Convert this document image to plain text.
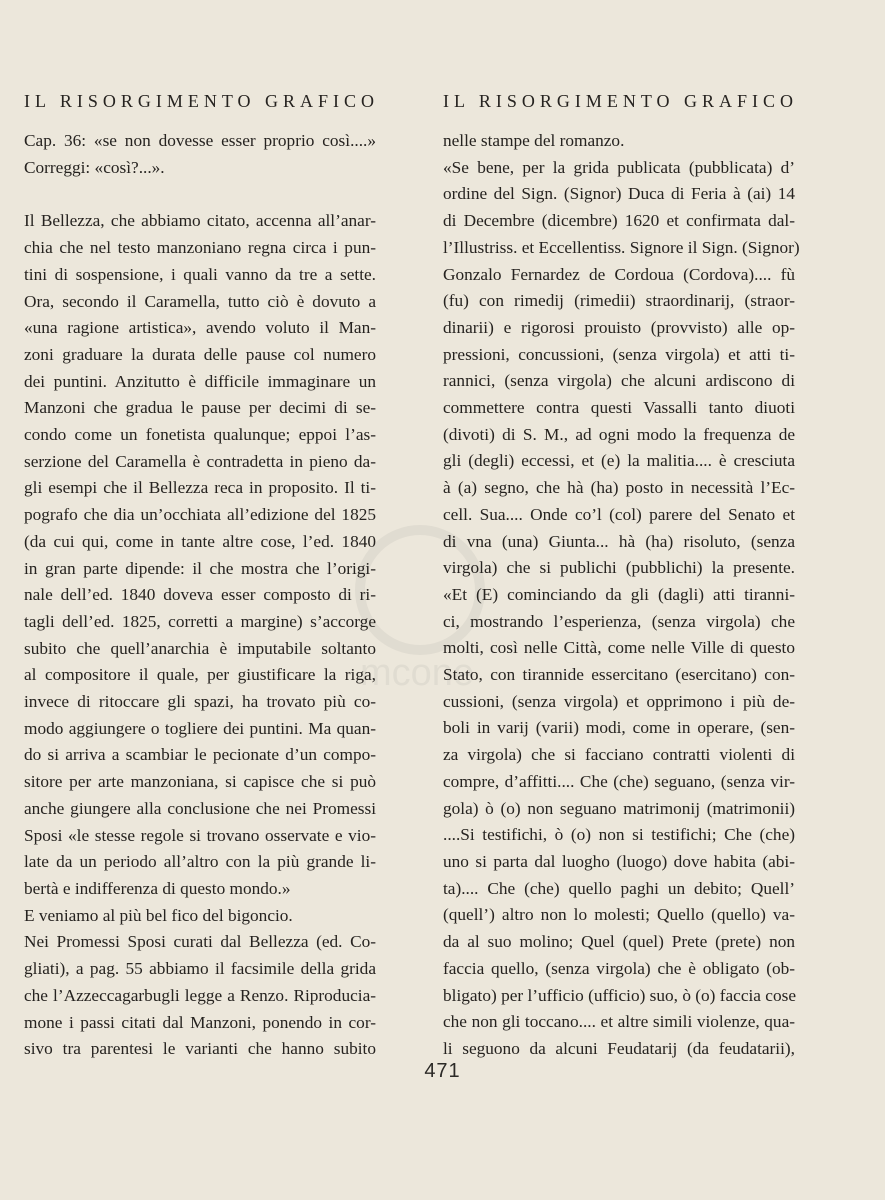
mcone
IL RISORGIMENTO GRAFICO
Cap. 36: «se non dovesse esser proprio così....»
Correggi: «così?...».
Il Bellezza, che abbiamo citato, accenna all’anar-
chia che nel testo manzoniano regna circa i pun-
tini di sospensione, i quali vanno da tre a sette.
Ora, secondo il Caramella, tutto ciò è dovuto a
«una ragione artistica», avendo voluto il Man-
zoni graduare la durata delle pause col numero
dei puntini. Anzitutto è difficile immaginare un
Manzoni che gradua le pause per decimi di se-
condo come un fonetista qualunque; eppoi l’as-
serzione del Caramella è contradetta in pieno da-
gli esempi che il Bellezza reca in proposito. Il ti-
pografo che dia un’occhiata all’edizione del 1825
(da cui qui, come in tante altre cose, l’ed. 1840
in gran parte dipende: il che mostra che l’origi-
nale dell’ed. 1840 doveva esser composto di ri-
tagli dell’ed. 1825, corretti a margine) s’accorge
subito che quell’anarchia è imputabile soltanto
al compositore il quale, per giustificare la riga,
invece di ritoccare gli spazi, ha trovato più co-
modo aggiungere o togliere dei puntini. Ma quan-
do si arriva a scambiar le pecionate d’un compo-
sitore per arte manzoniana, si capisce che si può
anche giungere alla conclusione che nei Promessi
Sposi «le stesse regole si trovano osservate e vio-
late da un periodo all’altro con la più grande li-
bertà e indifferenza di questo mondo.»
E veniamo al più bel fico del bigoncio.
Nei Promessi Sposi curati dal Bellezza (ed. Co-
gliati), a pag. 55 abbiamo il facsimile della grida
che l’Azzeccagarbugli legge a Renzo. Riproducia-
mone i passi citati dal Manzoni, ponendo in cor-
sivo tra parentesi le varianti che hanno subito
IL RISORGIMENTO GRAFICO
nelle stampe del romanzo.
«Se bene, per la grida publicata (pubblicata) d’
ordine del Sign. (Signor) Duca di Feria à (ai) 14
di Decembre (dicembre) 1620 et confirmata dal-
l’Illustriss. et Eccellentiss. Signore il Sign. (Signor)
Gonzalo Fernardez de Cordoua (Cordova).... fù
(fu) con rimedij (rimedii) straordinarij, (straor-
dinarii) e rigorosi prouisto (provvisto) alle op-
pressioni, concussioni, (senza virgola) et atti ti-
rannici, (senza virgola) che alcuni ardiscono di
commettere contra questi Vassalli tanto diuoti
(divoti) di S. M., ad ogni modo la frequenza de
gli (degli) eccessi, et (e) la malitia.... è cresciuta
à (a) segno, che hà (ha) posto in necessità l’Ec-
cell. Sua.... Onde co’l (col) parere del Senato et
di vna (una) Giunta... hà (ha) risoluto, (senza
virgola) che si publichi (pubblichi) la presente.
«Et (E) cominciando da gli (dagli) atti tiranni-
ci, mostrando l’esperienza, (senza virgola) che
molti, così nelle Città, come nelle Ville di questo
Stato, con tirannide essercitano (esercitano) con-
cussioni, (senza virgola) et opprimono i più de-
boli in varij (varii) modi, come in operare, (sen-
za virgola) che si facciano contratti violenti di
compre, d’affitti.... Che (che) seguano, (senza vir-
gola) ò (o) non seguano matrimonij (matrimonii)
....Si testifichi, ò (o) non si testifichi; Che (che)
uno si parta dal luogho (luogo) dove habita (abi-
ta).... Che (che) quello paghi un debito; Quell’
(quell’) altro non lo molesti; Quello (quello) va-
da al suo molino; Quel (quel) Prete (prete) non
faccia quello, (senza virgola) che è obligato (ob-
bligato) per l’ufficio (ufficio) suo, ò (o) faccia cose
che non gli toccano.... et altre simili violenze, qua-
li seguono da alcuni Feudatarij (da feudatarii),
471
